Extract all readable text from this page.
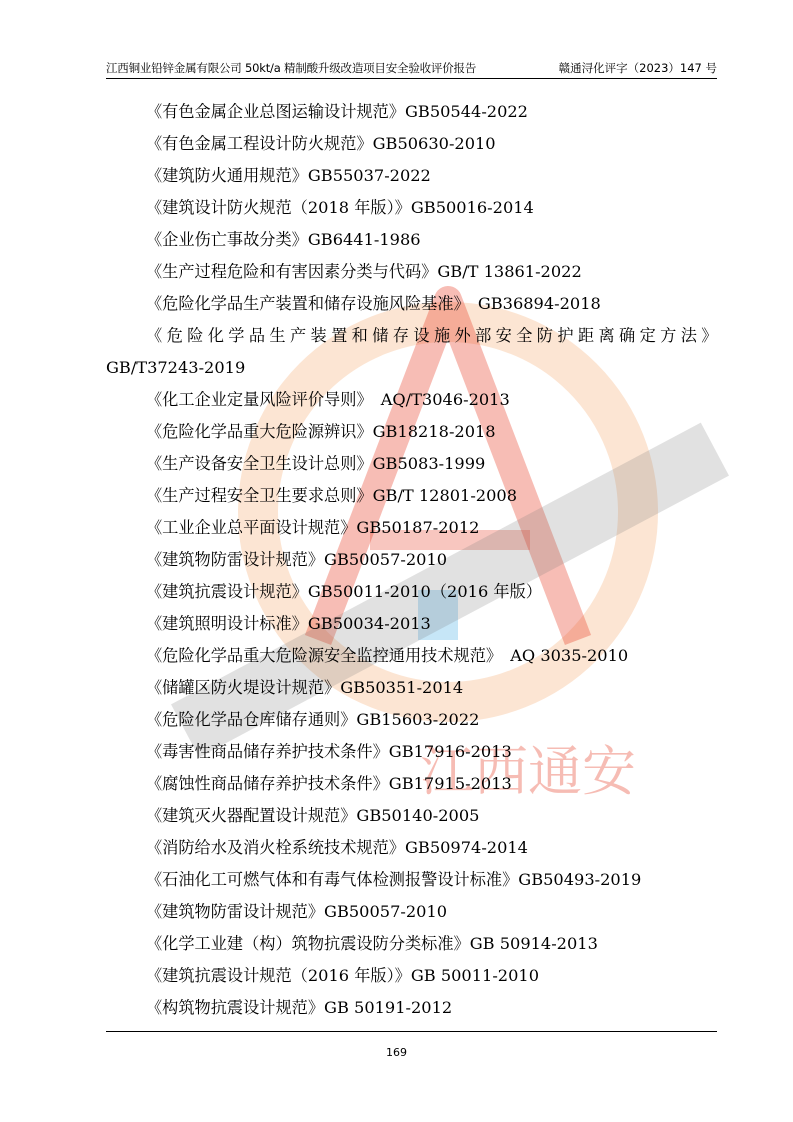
江西铜业铅锌金属有限公司 50kt/a 精制酸升级改造项目安全验收评价报告	赣通浔化评字（2023）147 号
江西通安
《有色金属企业总图运输设计规范》GB50544-2022
《有色金属工程设计防火规范》GB50630-2010
《建筑防火通用规范》GB55037-2022
《建筑设计防火规范（2018 年版）》GB50016-2014
《企业伤亡事故分类》GB6441-1986
《生产过程危险和有害因素分类与代码》GB/T 13861-2022
《危险化学品生产装置和储存设施风险基准》　GB36894-2018
《危险化学品生产装置和储存设施外部安全防护距离确定方法》
GB/T37243-2019
《化工企业定量风险评价导则》　AQ/T3046-2013
《危险化学品重大危险源辨识》GB18218-2018
《生产设备安全卫生设计总则》GB5083-1999
《生产过程安全卫生要求总则》GB/T 12801-2008
《工业企业总平面设计规范》GB50187-2012
《建筑物防雷设计规范》GB50057-2010
《建筑抗震设计规范》GB50011-2010（2016 年版）
《建筑照明设计标准》GB50034-2013
《危险化学品重大危险源安全监控通用技术规范》　AQ 3035-2010
《储罐区防火堤设计规范》GB50351-2014
《危险化学品仓库储存通则》GB15603-2022
《毒害性商品储存养护技术条件》GB17916-2013
《腐蚀性商品储存养护技术条件》GB17915-2013
《建筑灭火器配置设计规范》GB50140-2005
《消防给水及消火栓系统技术规范》GB50974-2014
《石油化工可燃气体和有毒气体检测报警设计标准》GB50493-2019
《建筑物防雷设计规范》GB50057-2010
《化学工业建（构）筑物抗震设防分类标准》GB 50914-2013
《建筑抗震设计规范（2016 年版）》GB 50011-2010
《构筑物抗震设计规范》GB 50191-2012
169
